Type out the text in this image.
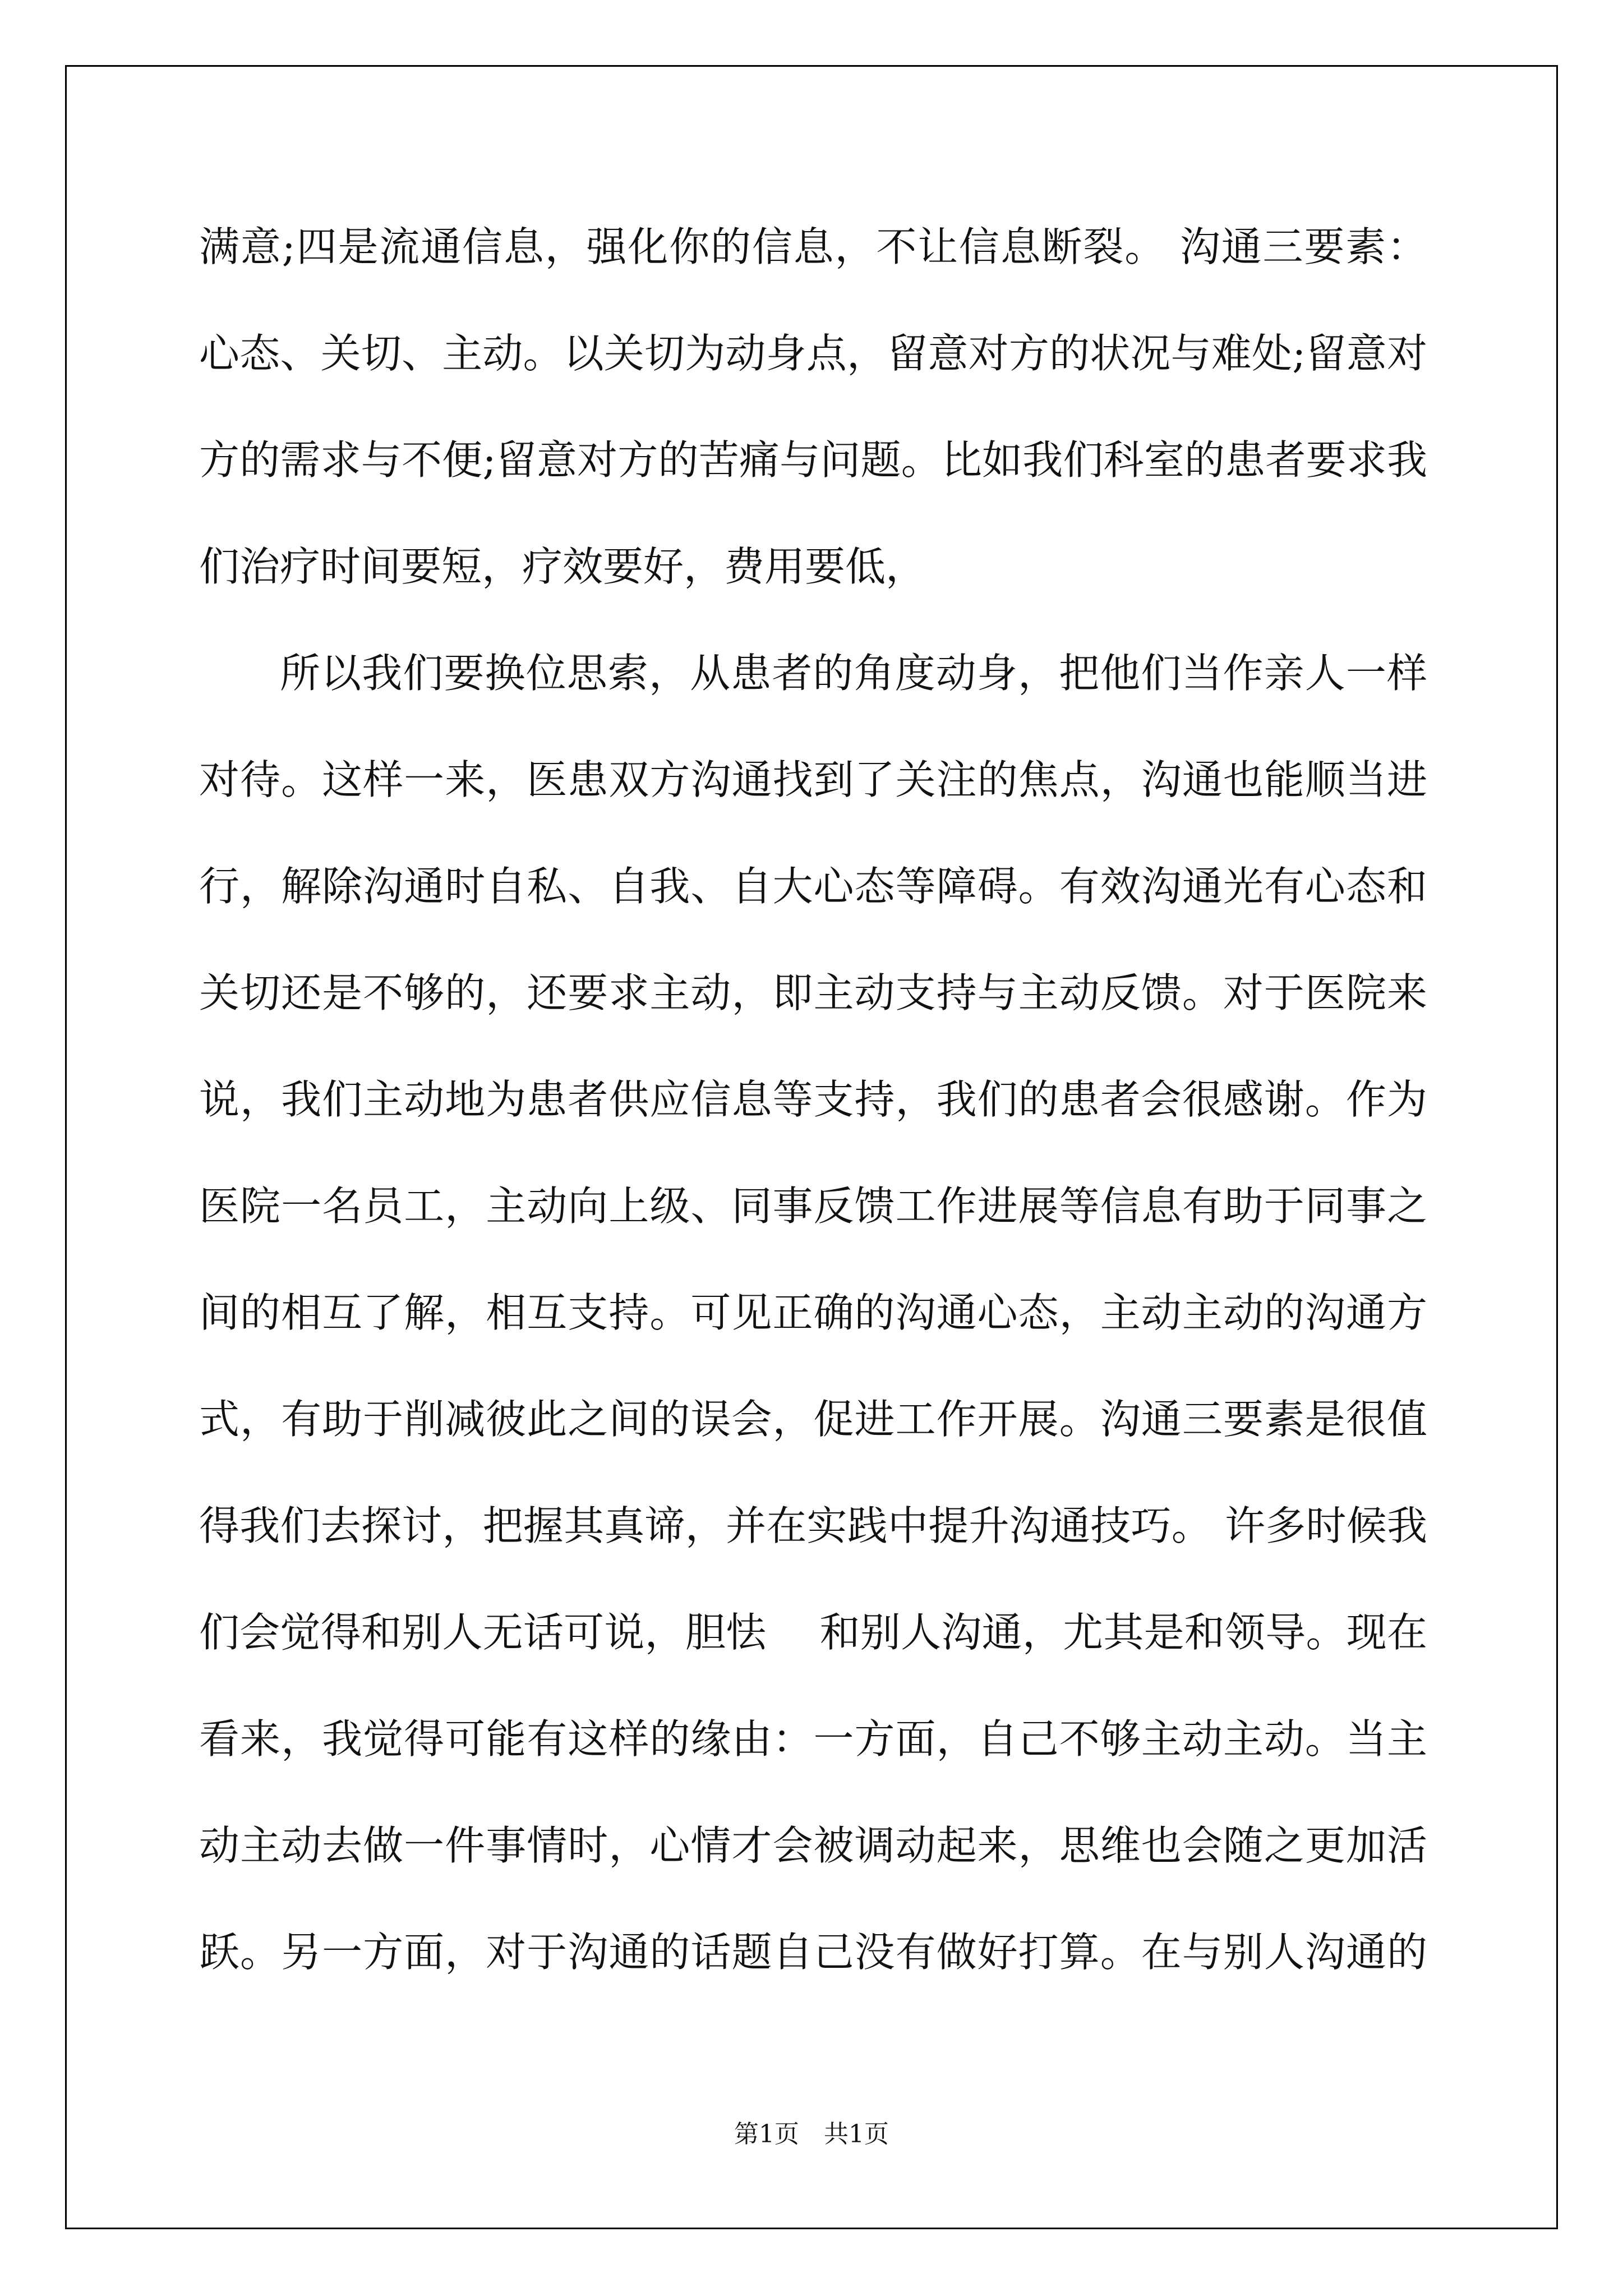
满意;四是流通信息，强化你的信息，不让信息断裂。 沟通三要素：
心态、关切、主动。以关切为动身点，留意对方的状况与难处;留意对
方的需求与不便;留意对方的苦痛与问题。比如我们科室的患者要求我
们治疗时间要短，疗效要好，费用要低，
所以我们要换位思索，从患者的角度动身，把他们当作亲人一样
对待。这样一来，医患双方沟通找到了关注的焦点，沟通也能顺当进
行，解除沟通时自私、自我、自大心态等障碍。有效沟通光有心态和
关切还是不够的，还要求主动，即主动支持与主动反馈。对于医院来
说，我们主动地为患者供应信息等支持，我们的患者会很感谢。作为
医院一名员工，主动向上级、同事反馈工作进展等信息有助于同事之
间的相互了解，相互支持。可见正确的沟通心态，主动主动的沟通方
式，有助于削减彼此之间的误会，促进工作开展。沟通三要素是很值
得我们去探讨，把握其真谛，并在实践中提升沟通技巧。 许多时候我
们会觉得和别人无话可说，胆怯　 和别人沟通，尤其是和领导。现在
看来，我觉得可能有这样的缘由：一方面，自己不够主动主动。当主
动主动去做一件事情时，心情才会被调动起来，思维也会随之更加活
跃。另一方面，对于沟通的话题自己没有做好打算。在与别人沟通的
第1页　共1页
